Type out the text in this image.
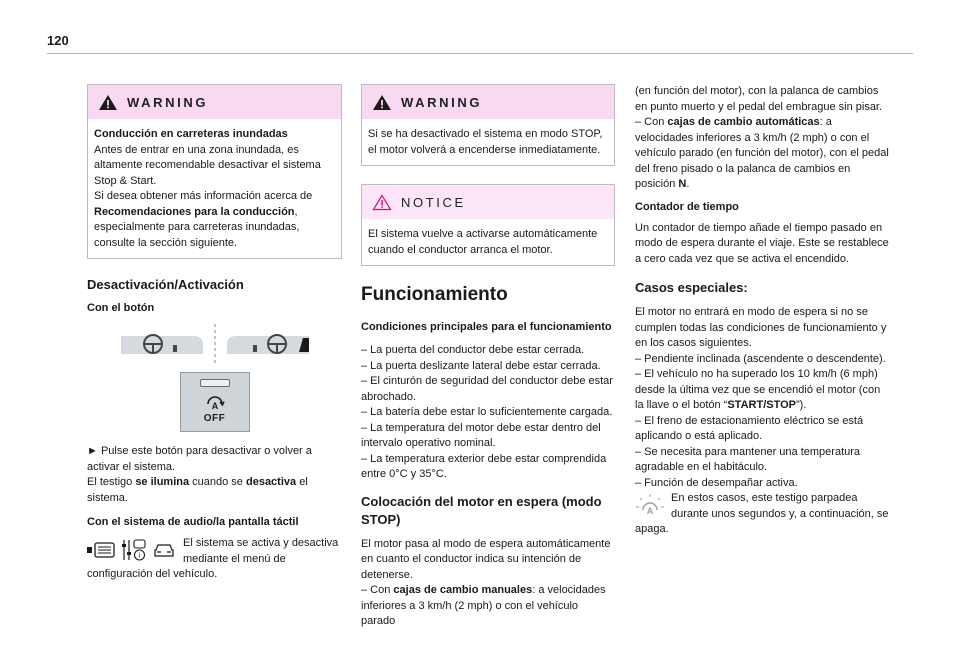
120
WARNING

Conducción en carreteras inundadas

Antes de entrar en una zona inundada, es altamente recomendable desactivar el sistema Stop & Start.

Si desea obtener más información acerca de Recomendaciones para la conducción, especialmente para carreteras inundadas, consulte la sección siguiente.

Desactivación/Activación
Con el botón
A
OFF

► Pulse este botón para desactivar o volver a activar el sistema.

El testigo se ilumina cuando se desactiva el sistema.

Con el sistema de audio/la pantalla táctil
i

El sistema se activa y desactiva mediante el menú de configuración del vehículo.

WARNING

Si se ha desactivado el sistema en modo STOP, el motor volverá a encenderse inmediatamente.

NOTICE

El sistema vuelve a activarse automáticamente cuando el conductor arranca el motor.

Funcionamiento
Condiciones principales para el funcionamiento

– La puerta del conductor debe estar cerrada.

– La puerta deslizante lateral debe estar cerrada.

– El cinturón de seguridad del conductor debe estar abrochado.

– La batería debe estar lo suficientemente cargada.

– La temperatura del motor debe estar dentro del intervalo operativo nominal.

– La temperatura exterior debe estar comprendida entre 0°C y 35°C.

Colocación del motor en espera (modo STOP)

El motor pasa al modo de espera automáticamente en cuanto el conductor indica su intención de detenerse.

– Con cajas de cambio manuales: a velocidades inferiores a 3 km/h (2 mph) o con el vehículo parado

(en función del motor), con la palanca de cambios en punto muerto y el pedal del embrague sin pisar.

– Con cajas de cambio automáticas: a velocidades inferiores a 3 km/h (2 mph) o con el vehículo parado (en función del motor), con el pedal del freno pisado o la palanca de cambios en posición N.

Contador de tiempo

Un contador de tiempo añade el tiempo pasado en modo de espera durante el viaje. Este se restablece a cero cada vez que se activa el encendido.

Casos especiales:

El motor no entrará en modo de espera si no se cumplen todas las condiciones de funcionamiento y en los casos siguientes.

– Pendiente inclinada (ascendente o descendente).

– El vehículo no ha superado los 10 km/h (6 mph) desde la última vez que se encendió el motor (con la llave o el botón “START/STOP”).

– El freno de estacionamiento eléctrico se está aplicando o está aplicado.

– Se necesita para mantener una temperatura agradable en el habitáculo.

– Función de desempañar activa.

A

En estos casos, este testigo parpadea durante unos segundos y, a continuación, se apaga.
